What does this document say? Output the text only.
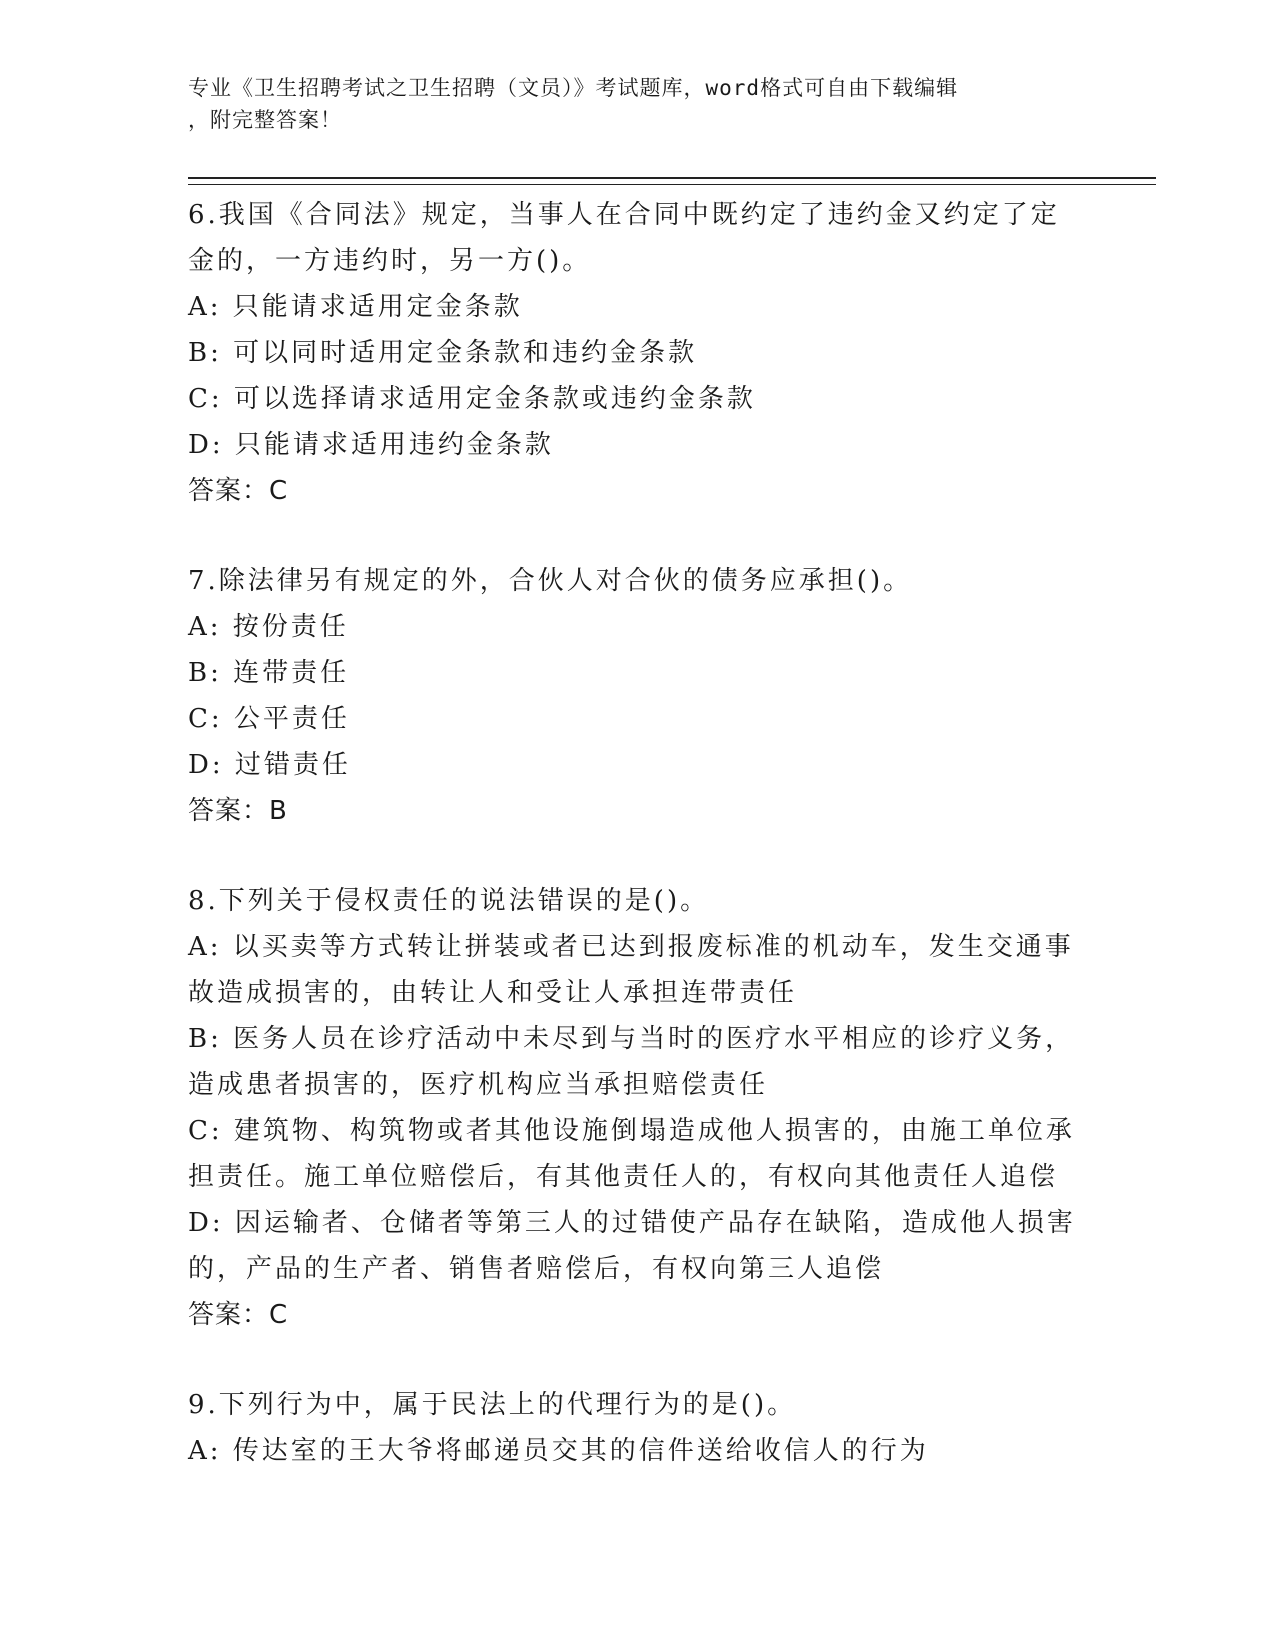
专业《卫生招聘考试之卫生招聘（文员）》考试题库，word格式可自由下载编辑
，附完整答案！
6.我国《合同法》规定，当事人在合同中既约定了违约金又约定了定
金的，一方违约时，另一方()。
A: 只能请求适用定金条款
B: 可以同时适用定金条款和违约金条款
C: 可以选择请求适用定金条款或违约金条款
D: 只能请求适用违约金条款
答案：C
7.除法律另有规定的外，合伙人对合伙的债务应承担()。
A: 按份责任
B: 连带责任
C: 公平责任
D: 过错责任
答案：B
8.下列关于侵权责任的说法错误的是()。
A: 以买卖等方式转让拼装或者已达到报废标准的机动车，发生交通事
故造成损害的，由转让人和受让人承担连带责任
B: 医务人员在诊疗活动中未尽到与当时的医疗水平相应的诊疗义务，
造成患者损害的，医疗机构应当承担赔偿责任
C: 建筑物、构筑物或者其他设施倒塌造成他人损害的，由施工单位承
担责任。施工单位赔偿后，有其他责任人的，有权向其他责任人追偿
D: 因运输者、仓储者等第三人的过错使产品存在缺陷，造成他人损害
的，产品的生产者、销售者赔偿后，有权向第三人追偿
答案：C
9.下列行为中，属于民法上的代理行为的是()。
A: 传达室的王大爷将邮递员交其的信件送给收信人的行为
